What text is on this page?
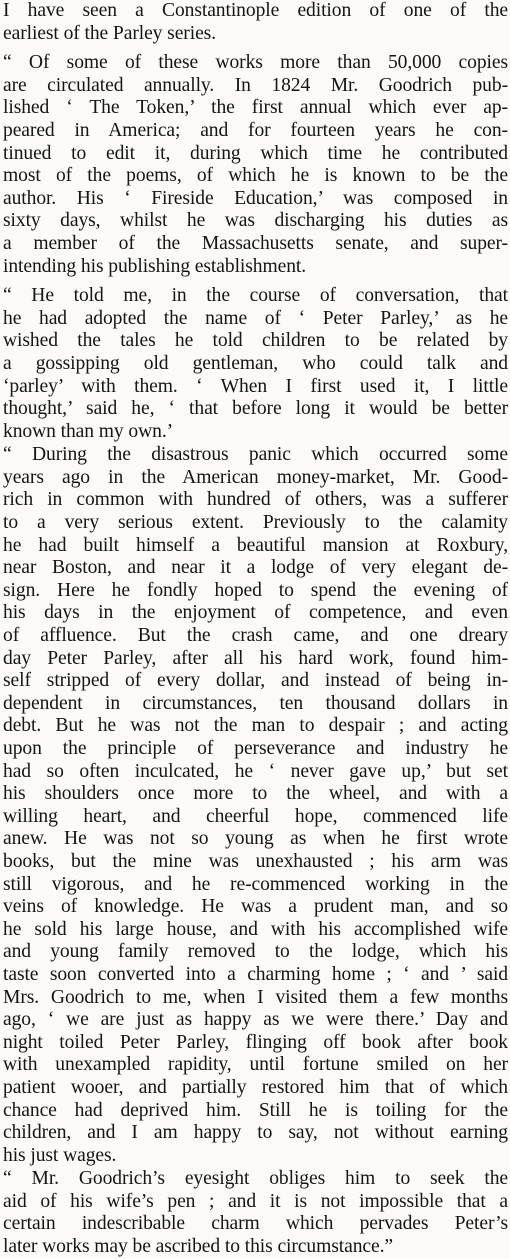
I have seen a Constantinople edition of one of the
earliest of the Parley series.
“ Of some of these works more than 50,000 copies
are circulated annually. In 1824 Mr. Goodrich pub-
lished ‘ The Token,’ the first annual which ever ap-
peared in America; and for fourteen years he con-
tinued to edit it, during which time he contributed
most of the poems, of which he is known to be the
author. His ‘ Fireside Education,’ was composed in
sixty days, whilst he was discharging his duties as
a member of the Massachusetts senate, and super-
intending his publishing establishment.
“ He told me, in the course of conversation, that
he had adopted the name of ‘ Peter Parley,’ as he
wished the tales he told children to be related by
a gossipping old gentleman, who could talk and
‘parley’ with them. ‘ When I first used it, I little
thought,’ said he, ‘ that before long it would be better
known than my own.’
“ During the disastrous panic which occurred some
years ago in the American money-market, Mr. Good-
rich in common with hundred of others, was a sufferer
to a very serious extent. Previously to the calamity
he had built himself a beautiful mansion at Roxbury,
near Boston, and near it a lodge of very elegant de-
sign. Here he fondly hoped to spend the evening of
his days in the enjoyment of competence, and even
of affluence. But the crash came, and one dreary
day Peter Parley, after all his hard work, found him-
self stripped of every dollar, and instead of being in-
dependent in circumstances, ten thousand dollars in
debt. But he was not the man to despair ; and acting
upon the principle of perseverance and industry he
had so often inculcated, he ‘ never gave up,’ but set
his shoulders once more to the wheel, and with a
willing heart, and cheerful hope, commenced life
anew. He was not so young as when he first wrote
books, but the mine was unexhausted ; his arm was
still vigorous, and he re-commenced working in the
veins of knowledge. He was a prudent man, and so
he sold his large house, and with his accomplished wife
and young family removed to the lodge, which his
taste soon converted into a charming home ; ‘ and ’ said
Mrs. Goodrich to me, when I visited them a few months
ago, ‘ we are just as happy as we were there.’ Day and
night toiled Peter Parley, flinging off book after book
with unexampled rapidity, until fortune smiled on her
patient wooer, and partially restored him that of which
chance had deprived him. Still he is toiling for the
children, and I am happy to say, not without earning
his just wages.
“ Mr. Goodrich’s eyesight obliges him to seek the
aid of his wife’s pen ; and it is not impossible that a
certain indescribable charm which pervades Peter’s
later works may be ascribed to this circumstance.”
